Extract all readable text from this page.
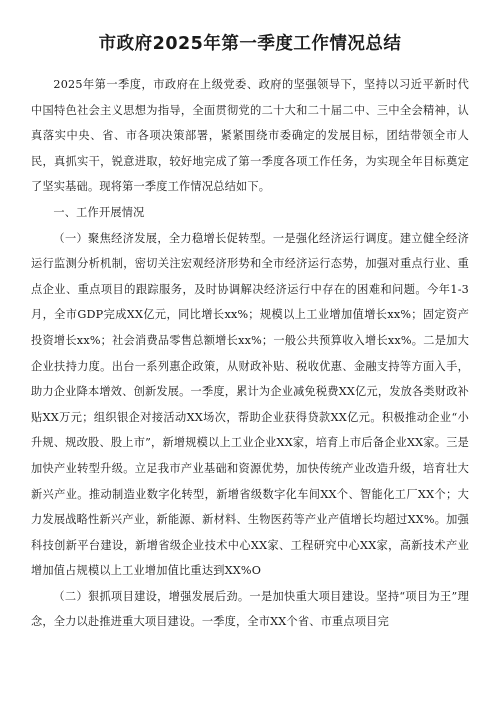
市政府2025年第一季度工作情况总结

2025年第一季度，市政府在上级党委、政府的坚强领导下，坚持以习近平新时代中国特色社会主义思想为指导，全面贯彻党的二十大和二十届二中、三中全会精神，认真落实中央、省、市各项决策部署，紧紧围绕市委确定的发展目标，团结带领全市人民，真抓实干，锐意进取，较好地完成了第一季度各项工作任务，为实现全年目标奠定了坚实基础。现将第一季度工作情况总结如下。

一、工作开展情况

（一）聚焦经济发展，全力稳增长促转型。一是强化经济运行调度。建立健全经济运行监测分析机制，密切关注宏观经济形势和全市经济运行态势，加强对重点行业、重点企业、重点项目的跟踪服务，及时协调解决经济运行中存在的困难和问题。今年1-3月，全市GDP完成XX亿元，同比增长xx%；规模以上工业增加值增长xx%；固定资产投资增长xx%；社会消费品零售总额增长xx%；一般公共预算收入增长xx%。二是加大企业扶持力度。出台一系列惠企政策，从财政补贴、税收优惠、金融支持等方面入手，助力企业降本增效、创新发展。一季度，累计为企业减免税费XX亿元，发放各类财政补贴XX万元；组织银企对接活动XX场次，帮助企业获得贷款XX亿元。积极推动企业“小升规、规改股、股上市”，新增规模以上工业企业XX家，培育上市后备企业XX家。三是加快产业转型升级。立足我市产业基础和资源优势，加快传统产业改造升级，培育壮大新兴产业。推动制造业数字化转型，新增省级数字化车间XX个、智能化工厂XX个；大力发展战略性新兴产业，新能源、新材料、生物医药等产业产值增长均超过XX%。加强科技创新平台建设，新增省级企业技术中心XX家、工程研究中心XX家，高新技术产业增加值占规模以上工业增加值比重达到XX%O

（二）狠抓项目建设，增强发展后劲。一是加快重大项目建设。坚持“项目为王”理念，全力以赴推进重大项目建设。一季度，全市XX个省、市重点项目完
